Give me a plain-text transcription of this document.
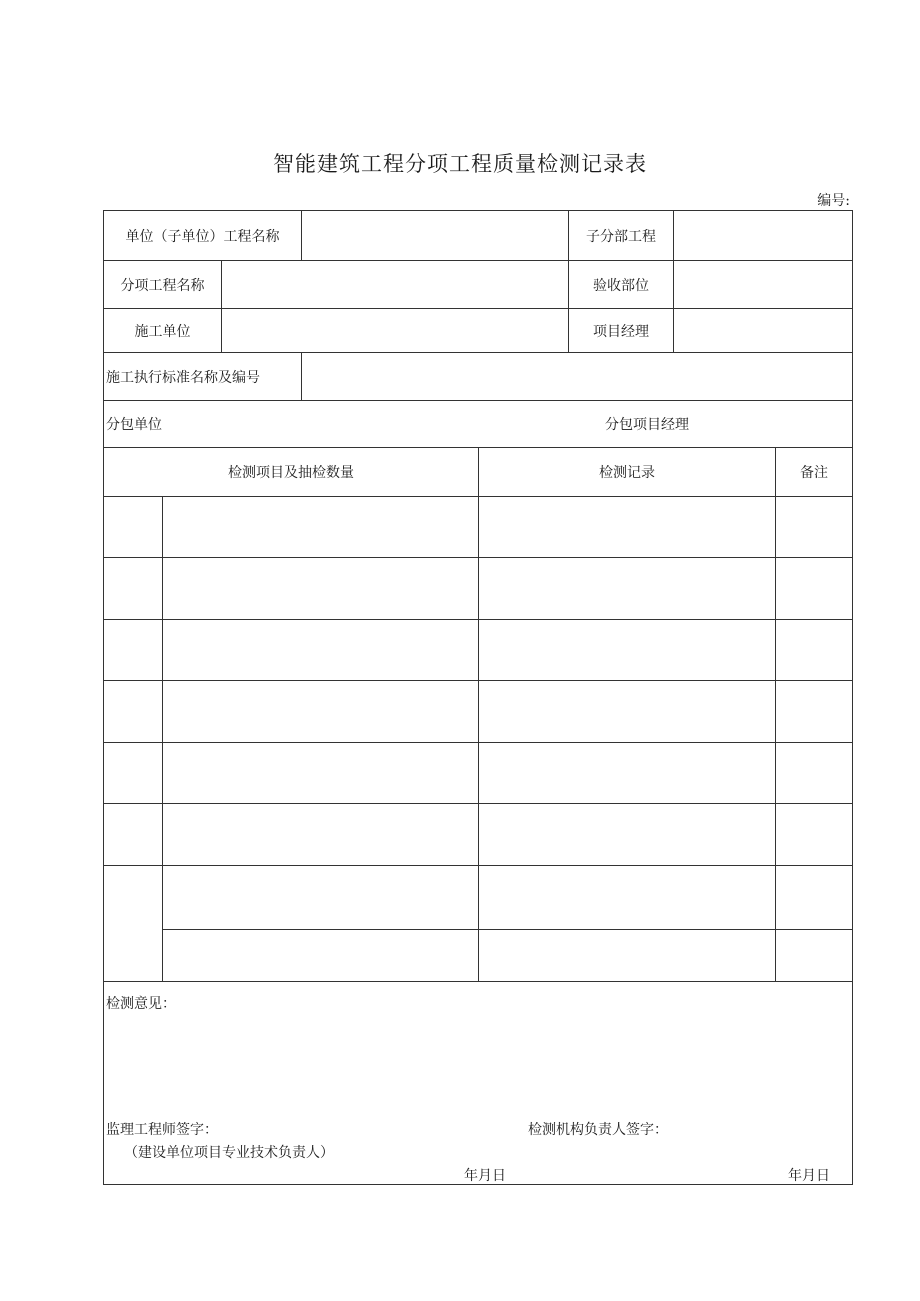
智能建筑工程分项工程质量检测记录表
编号:
单位（子单位）工程名称	子分部工程
分项工程名称	验收部位
施工单位	项目经理
施工执行标准名称及编号
分包单位	分包项目经理
检测项目及抽检数量	检测记录	备注
检测意见：
监理工程师签字：	检测机构负责人签字：
（建设单位项目专业技术负责人）
年月日	年月日
